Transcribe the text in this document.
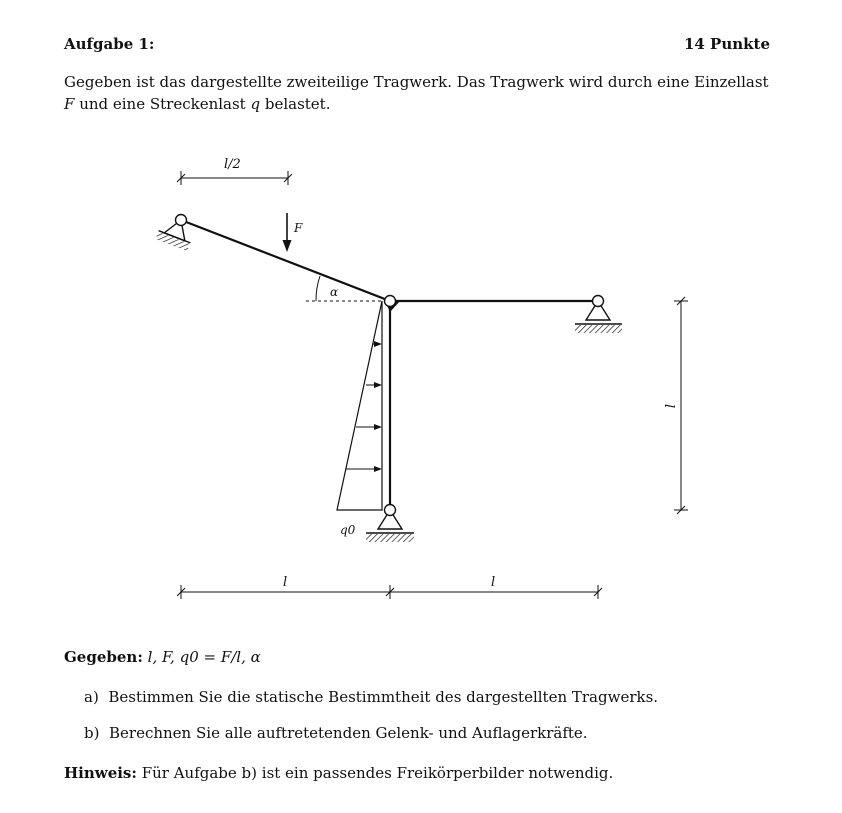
Aufgabe 1:	14 Punkte
Gegeben ist das dargestellte zweiteilige Tragwerk. Das Tragwerk wird durch eine Einzellast F und eine Streckenlast q belastet.
l/2
F
α
q0
l
l	l
Gegeben: l, F, q0 = F/l, α
a) Bestimmen Sie die statische Bestimmtheit des dargestellten Tragwerks.
b) Berechnen Sie alle auftretetenden Gelenk- und Auflagerkräfte.
Hinweis: Für Aufgabe b) ist ein passendes Freikörperbilder notwendig.
